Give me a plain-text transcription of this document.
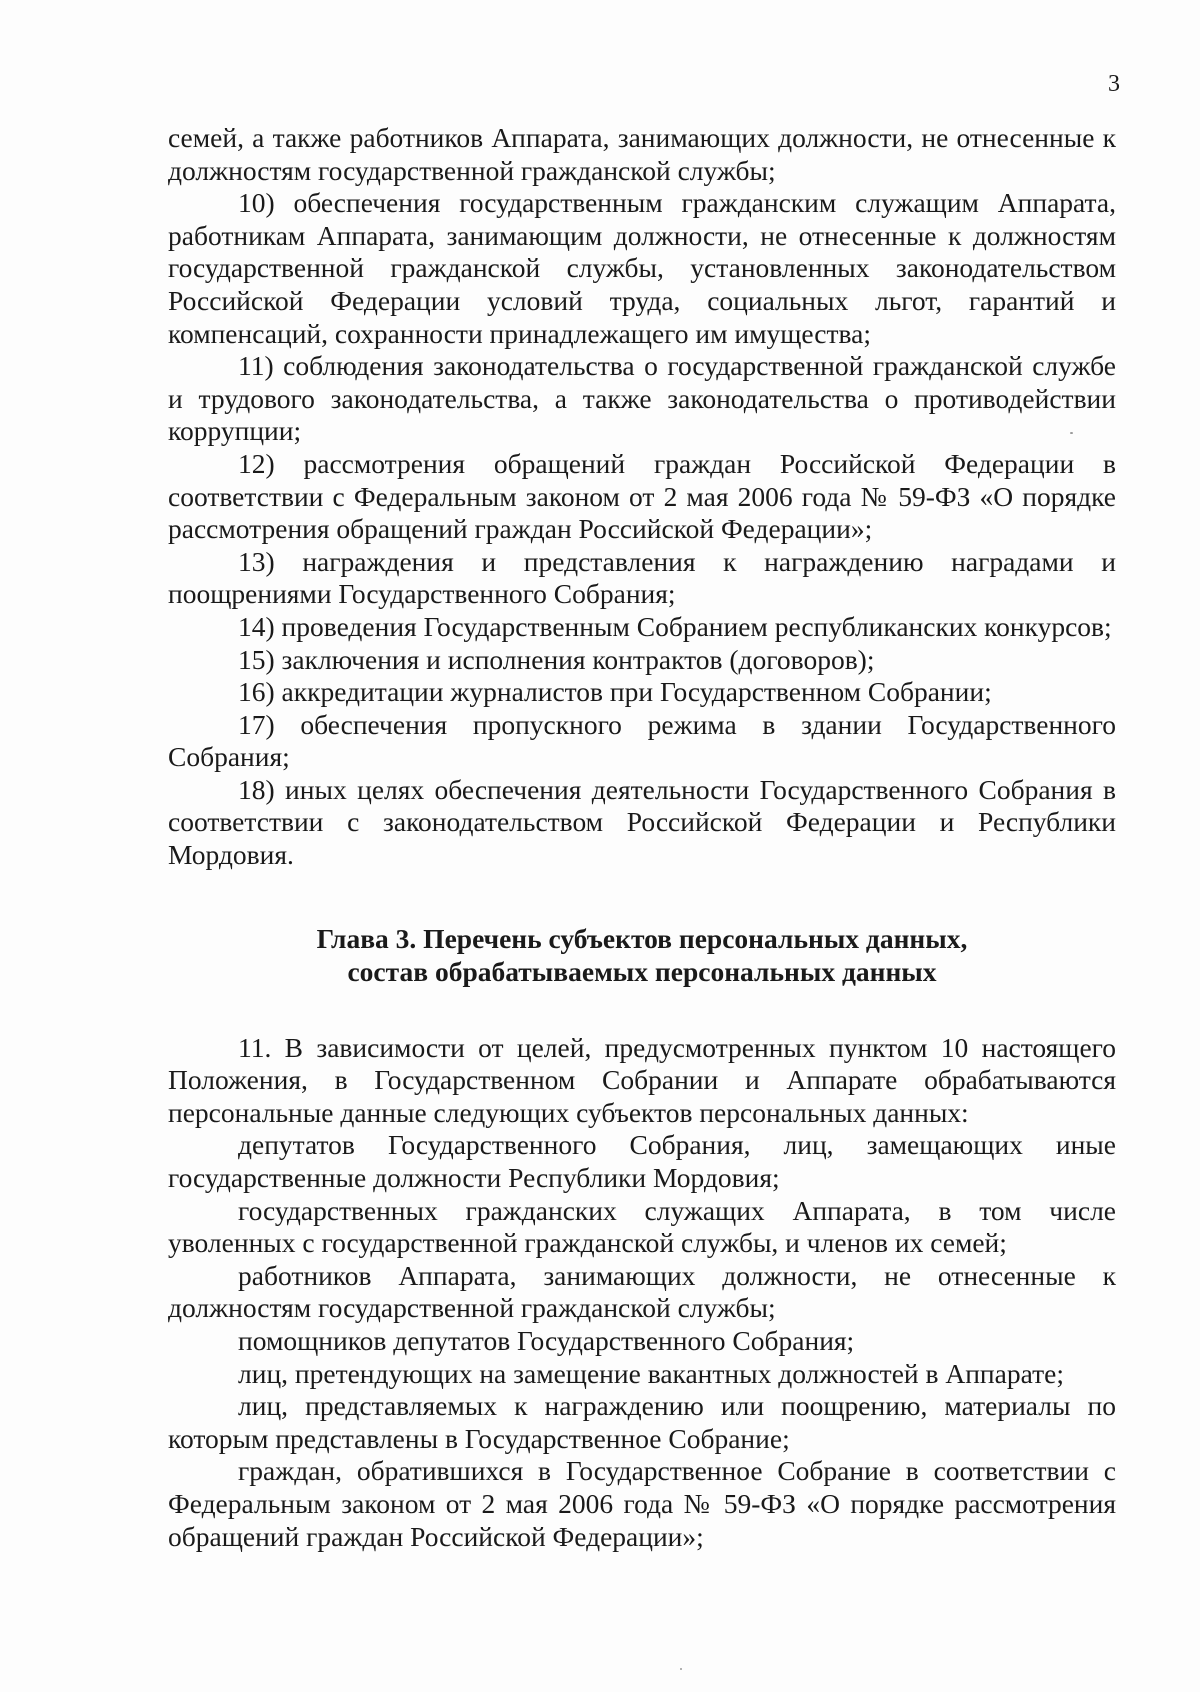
3

семей, а также работников Аппарата, занимающих должности, не отнесенные к должностям государственной гражданской службы;

10) обеспечения государственным гражданским служащим Аппарата, работникам Аппарата, занимающим должности, не отнесенные к должностям государственной гражданской службы, установленных законодательством Российской Федерации условий труда, социальных льгот, гарантий и компенсаций, сохранности принадлежащего им имущества;

11) соблюдения законодательства о государственной гражданской службе и трудового законодательства, а также законодательства о противодействии коррупции;

12) рассмотрения обращений граждан Российской Федерации в соответствии с Федеральным законом от 2 мая 2006 года № 59-ФЗ «О порядке рассмотрения обращений граждан Российской Федерации»;

13) награждения и представления к награждению наградами и поощрениями Государственного Собрания;

14) проведения Государственным Собранием республиканских конкурсов;

15) заключения и исполнения контрактов (договоров);

16) аккредитации журналистов при Государственном Собрании;

17) обеспечения пропускного режима в здании Государственного Собрания;

18) иных целях обеспечения деятельности Государственного Собрания в соответствии с законодательством Российской Федерации и Республики Мордовия.

Глава 3. Перечень субъектов персональных данных,
состав обрабатываемых персональных данных

11. В зависимости от целей, предусмотренных пунктом 10 настоящего Положения, в Государственном Собрании и Аппарате обрабатываются персональные данные следующих субъектов персональных данных:

депутатов Государственного Собрания, лиц, замещающих иные государственные должности Республики Мордовия;

государственных гражданских служащих Аппарата, в том числе уволенных с государственной гражданской службы, и членов их семей;

работников Аппарата, занимающих должности, не отнесенные к должностям государственной гражданской службы;

помощников депутатов Государственного Собрания;

лиц, претендующих на замещение вакантных должностей в Аппарате;

лиц, представляемых к награждению или поощрению, материалы по которым представлены в Государственное Собрание;

граждан, обратившихся в Государственное Собрание в соответствии с Федеральным законом от 2 мая 2006 года № 59-ФЗ «О порядке рассмотрения обращений граждан Российской Федерации»;
